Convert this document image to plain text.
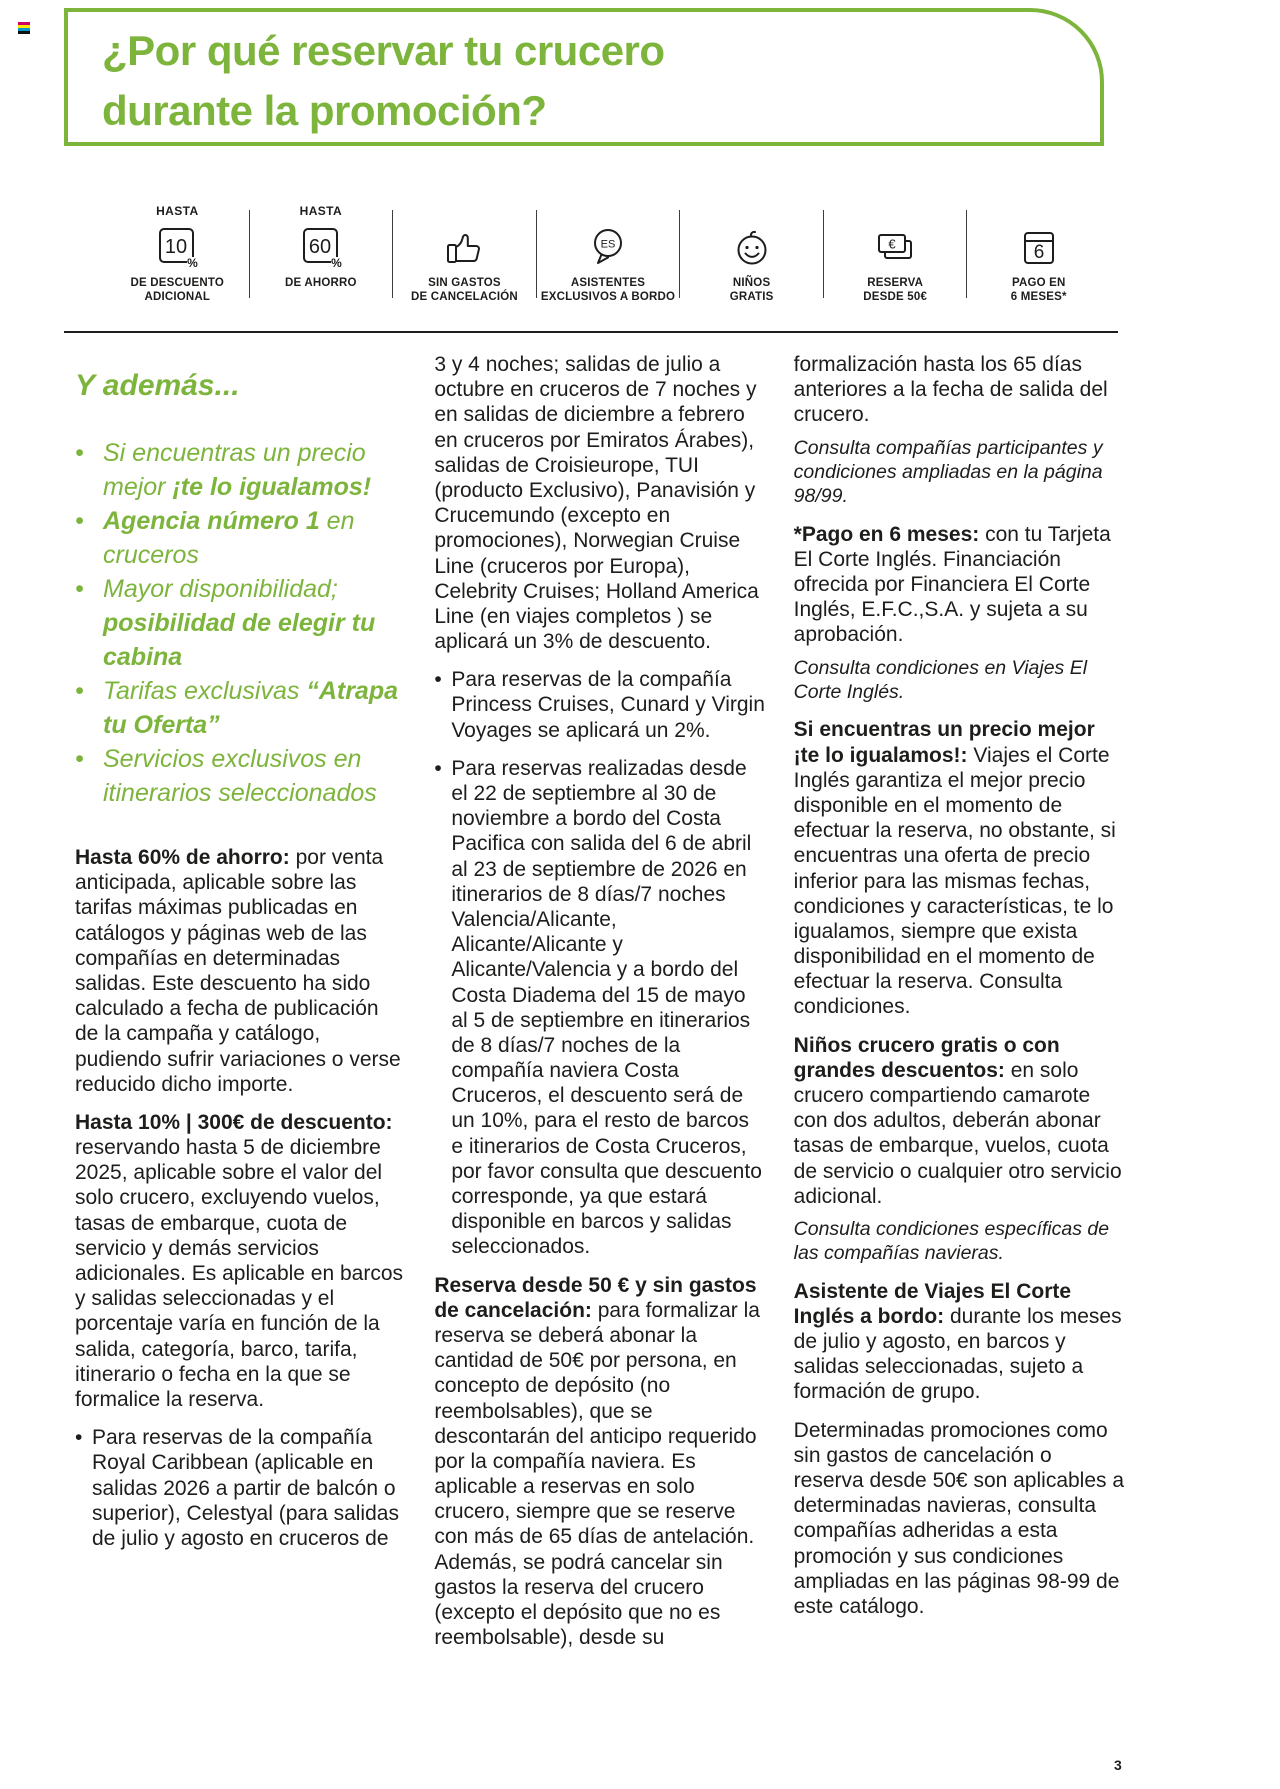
¿Por qué reservar tu crucero
durante la promoción?
HASTA
10
%
DE DESCUENTO
ADICIONAL
HASTA
60
%
DE AHORRO	SIN GASTOS
DE CANCELACIÓN
ES
ASISTENTES
EXCLUSIVOS A BORDO
NIÑOS
GRATIS
€
RESERVA
DESDE 50€
6
PAGO EN
6 MESES*
Y además...
• Si encuentras un precio mejor ¡te lo igualamos!
• Agencia número 1 en cruceros
• Mayor disponibilidad; posibilidad de elegir tu cabina
• Tarifas exclusivas “Atrapa tu Oferta”
• Servicios exclusivos en itinerarios seleccionados
Hasta 60% de ahorro: por venta anticipada, aplicable sobre las tarifas máximas publicadas en catálogos y páginas web de las compañías en determinadas salidas. Este descuento ha sido calculado a fecha de publicación de la campaña y catálogo, pudiendo sufrir variaciones o verse reducido dicho importe.
Hasta 10% | 300€ de descuento: reservando hasta 5 de diciembre 2025, aplicable sobre el valor del solo crucero, excluyendo vuelos, tasas de embarque, cuota de servicio y demás servicios adicionales. Es aplicable en barcos y salidas seleccionadas y el porcentaje varía en función de la salida, categoría, barco, tarifa, itinerario o fecha en la que se formalice la reserva.
• Para reservas de la compañía Royal Caribbean (aplicable en salidas 2026 a partir de balcón o superior), Celestyal (para salidas de julio y agosto en cruceros de
3 y 4 noches; salidas de julio a octubre en cruceros de 7 noches y en salidas de diciembre a febrero en cruceros por Emiratos Árabes), salidas de Croisieurope, TUI (producto Exclusivo), Panavisión y Crucemundo (excepto en promociones), Norwegian Cruise Line (cruceros por Europa), Celebrity Cruises; Holland America Line (en viajes completos ) se aplicará un 3% de descuento.
• Para reservas de la compañía Princess Cruises, Cunard y Virgin Voyages se aplicará un 2%.
• Para reservas realizadas desde el 22 de septiembre al 30 de noviembre a bordo del Costa Pacifica con salida del 6 de abril al 23 de septiembre de 2026 en itinerarios de 8 días/7 noches Valencia/Alicante, Alicante/Alicante y Alicante/Valencia y a bordo del Costa Diadema del 15 de mayo al 5 de septiembre en itinerarios de 8 días/7 noches de la compañía naviera Costa Cruceros, el descuento será de un 10%, para el resto de barcos e itinerarios de Costa Cruceros, por favor consulta que descuento corresponde, ya que estará disponible en barcos y salidas seleccionados.
Reserva desde 50 € y sin gastos de cancelación: para formalizar la reserva se deberá abonar la cantidad de 50€ por persona, en concepto de depósito (no reembolsables), que se descontarán del anticipo requerido por la compañía naviera. Es aplicable a reservas en solo crucero, siempre que se reserve con más de 65 días de antelación. Además, se podrá cancelar sin gastos la reserva del crucero (excepto el depósito que no es reembolsable), desde su
formalización hasta los 65 días anteriores a la fecha de salida del crucero.
Consulta compañías participantes y condiciones ampliadas en la página 98/99.
*Pago en 6 meses: con tu Tarjeta El Corte Inglés. Financiación ofrecida por Financiera El Corte Inglés, E.F.C.,S.A. y sujeta a su aprobación.
Consulta condiciones en Viajes El Corte Inglés.
Si encuentras un precio mejor ¡te lo igualamos!: Viajes el Corte Inglés garantiza el mejor precio disponible en el momento de efectuar la reserva, no obstante, si encuentras una oferta de precio inferior para las mismas fechas, condiciones y características, te lo igualamos, siempre que exista disponibilidad en el momento de efectuar la reserva. Consulta condiciones.
Niños crucero gratis o con grandes descuentos: en solo crucero compartiendo camarote con dos adultos, deberán abonar tasas de embarque, vuelos, cuota de servicio o cualquier otro servicio adicional.
Consulta condiciones específicas de las compañías navieras.
Asistente de Viajes El Corte Inglés a bordo: durante los meses de julio y agosto, en barcos y salidas seleccionadas, sujeto a formación de grupo.
Determinadas promociones como sin gastos de cancelación o reserva desde 50€ son aplicables a determinadas navieras, consulta compañías adheridas a esta promoción y sus condiciones ampliadas en las páginas 98-99 de este catálogo.
3
